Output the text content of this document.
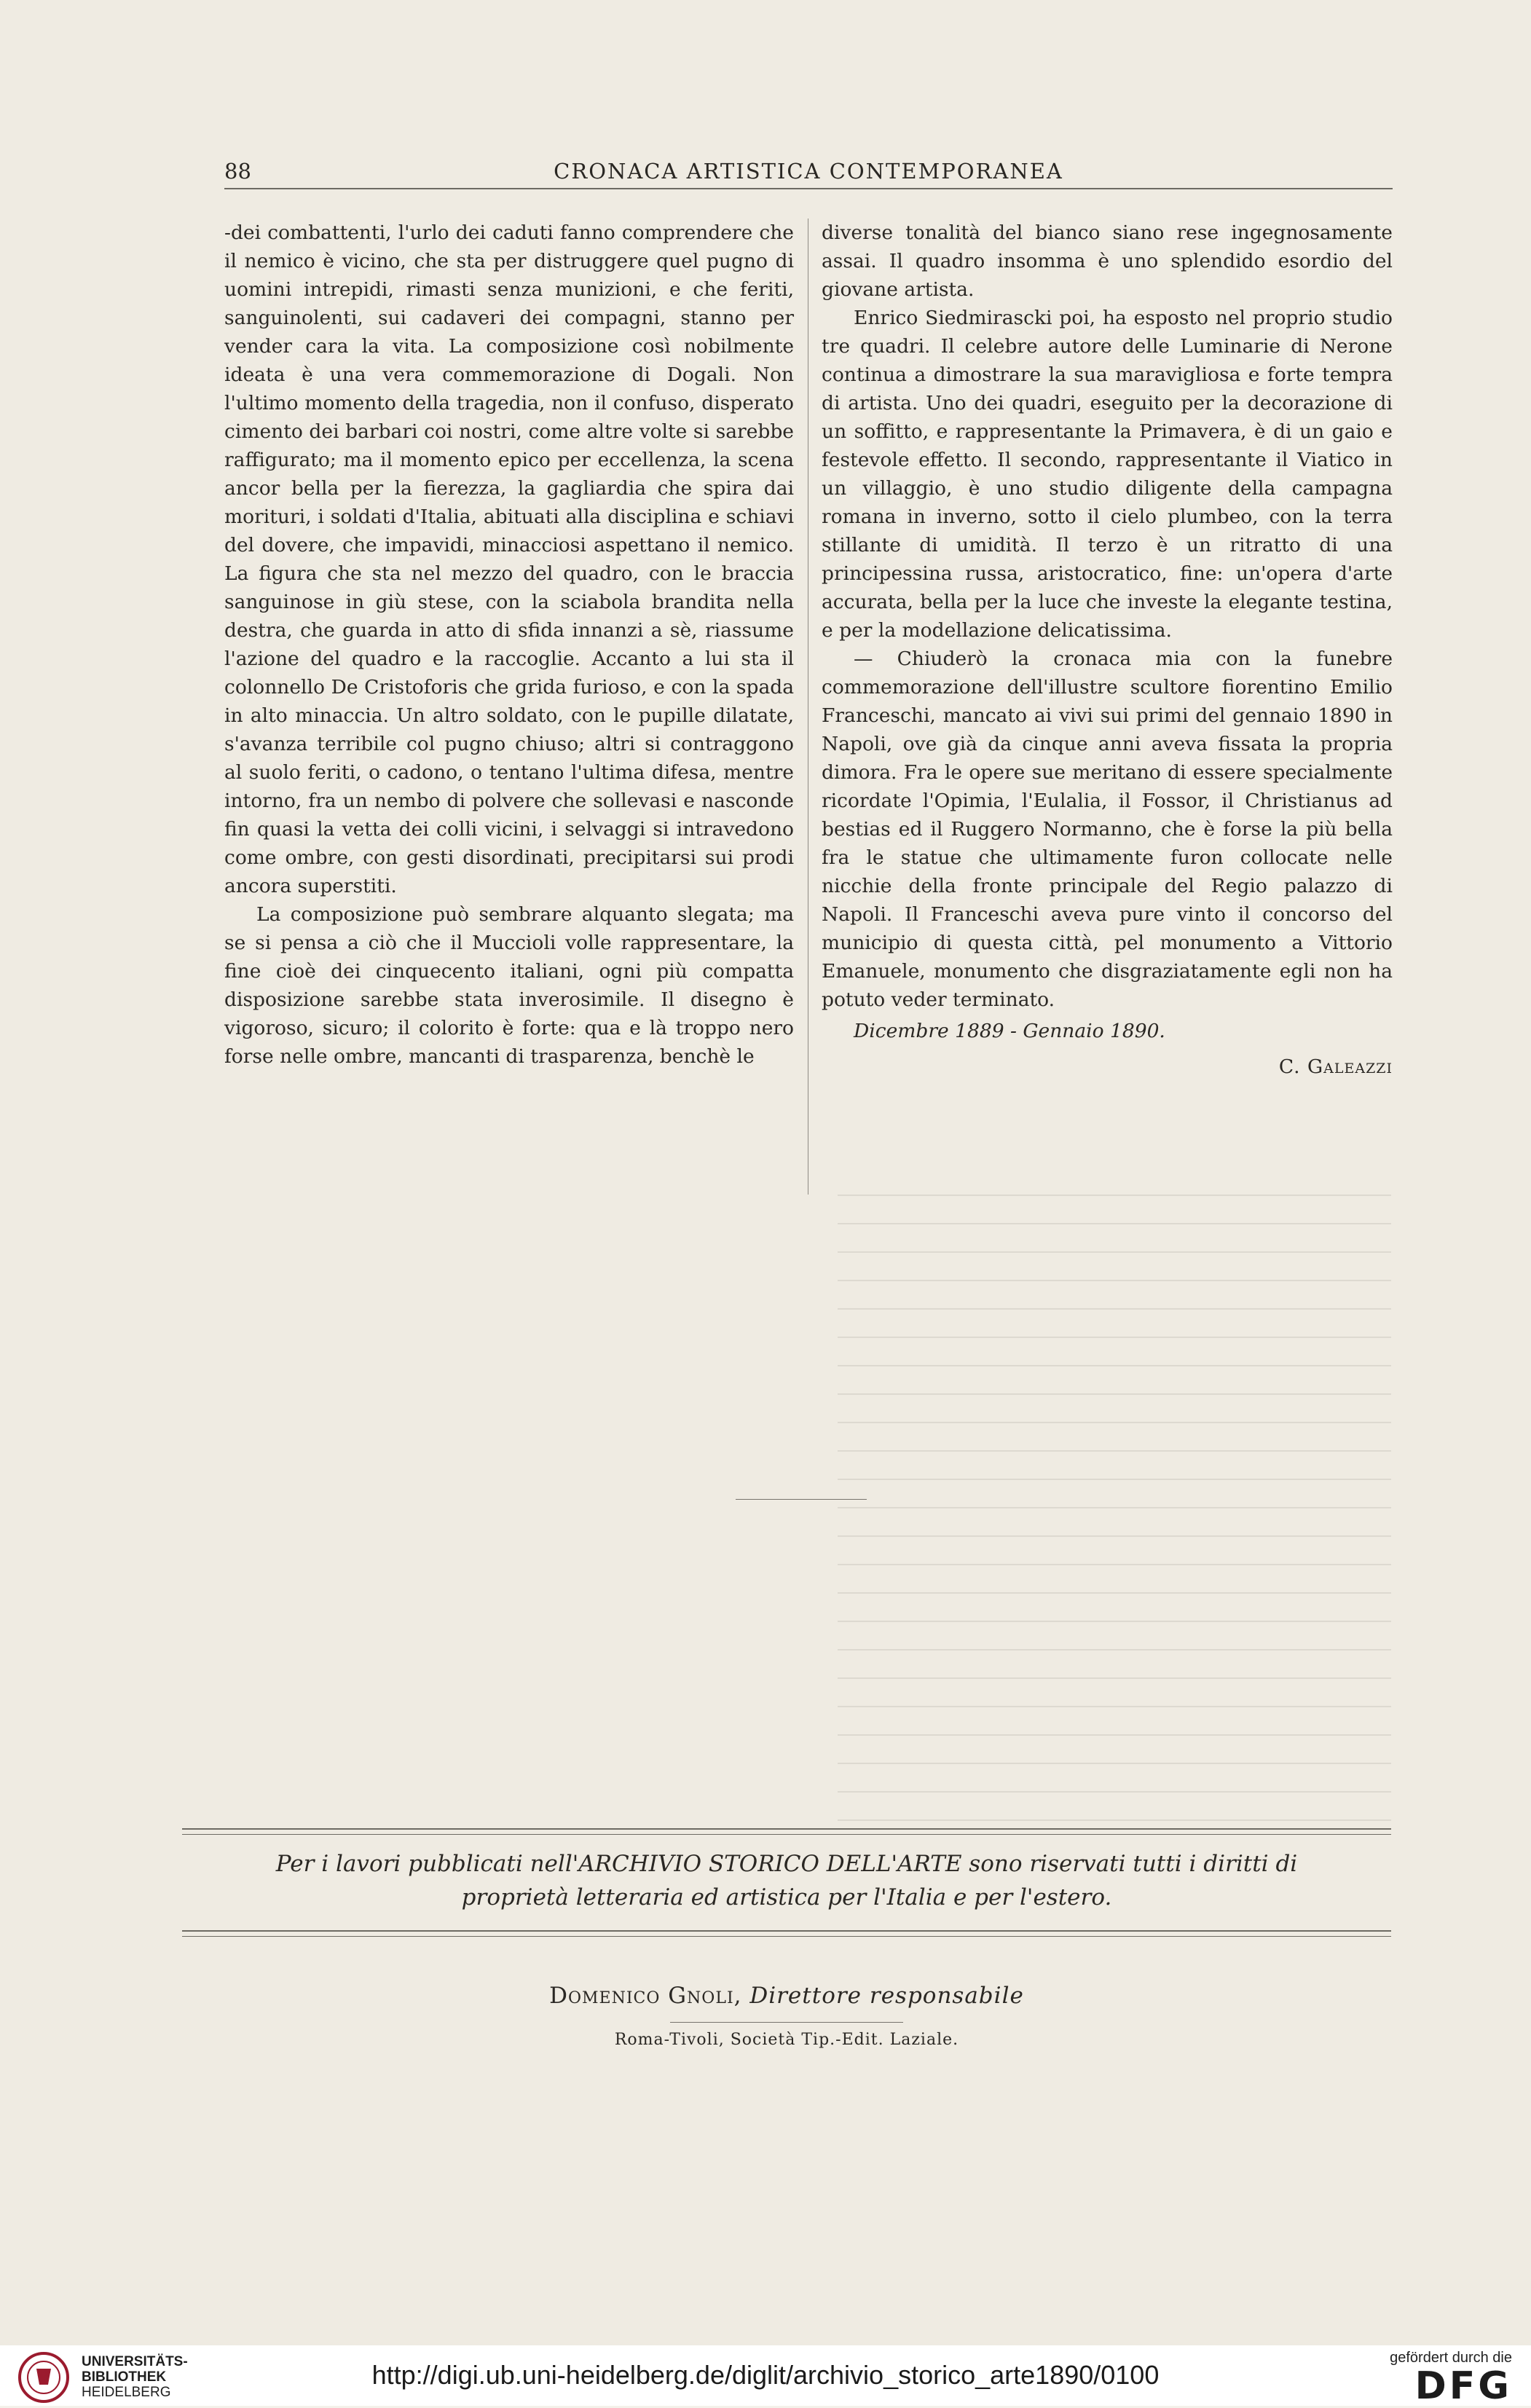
88	CRONACA ARTISTICA CONTEMPORANEA

‑dei combattenti, l'urlo dei caduti fanno comprendere che il nemico è vicino, che sta per distruggere quel pugno di uomini intrepidi, rimasti senza munizioni, e che feriti, sanguinolenti, sui cadaveri dei compagni, stanno per vender cara la vita. La composizione così nobilmente ideata è una vera commemorazione di Dogali. Non l'ultimo momento della tragedia, non il confuso, disperato cimento dei barbari coi nostri, come altre volte si sarebbe raffigurato; ma il momento epico per eccellenza, la scena ancor bella per la fierezza, la gagliardia che spira dai morituri, i soldati d'Italia, abituati alla disciplina e schiavi del dovere, che impavidi, minacciosi aspettano il nemico. La figura che sta nel mezzo del quadro, con le braccia sanguinose in giù stese, con la sciabola brandita nella destra, che guarda in atto di sfida innanzi a sè, riassume l'azione del quadro e la raccoglie. Accanto a lui sta il colonnello De Cristoforis che grida furioso, e con la spada in alto minaccia. Un altro soldato, con le pupille dilatate, s'avanza terribile col pugno chiuso; altri si contraggono al suolo feriti, o cadono, o tentano l'ultima difesa, mentre intorno, fra un nembo di polvere che sollevasi e nasconde fin quasi la vetta dei colli vicini, i selvaggi si intravedono come ombre, con gesti disordinati, precipitarsi sui prodi ancora superstiti.

La composizione può sembrare alquanto slegata; ma se si pensa a ciò che il Muccioli volle rappresentare, la fine cioè dei cinquecento italiani, ogni più compatta disposizione sarebbe stata inverosimile. Il disegno è vigoroso, sicuro; il colorito è forte: qua e là troppo nero forse nelle ombre, mancanti di trasparenza, benchè le

diverse tonalità del bianco siano rese ingegnosamente assai. Il quadro insomma è uno splendido esordio del giovane artista.

Enrico Siedmirascki poi, ha esposto nel proprio studio tre quadri. Il celebre autore delle Luminarie di Nerone continua a dimostrare la sua maravigliosa e forte tempra di artista. Uno dei quadri, eseguito per la decorazione di un soffitto, e rappresentante la Primavera, è di un gaio e festevole effetto. Il secondo, rappresentante il Viatico in un villaggio, è uno studio diligente della campagna romana in inverno, sotto il cielo plumbeo, con la terra stillante di umidità. Il terzo è un ritratto di una principessina russa, aristocratico, fine: un'opera d'arte accurata, bella per la luce che investe la elegante testina, e per la modellazione delicatissima.

— Chiuderò la cronaca mia con la funebre commemorazione dell'illustre scultore fiorentino Emilio Franceschi, mancato ai vivi sui primi del gennaio 1890 in Napoli, ove già da cinque anni aveva fissata la propria dimora. Fra le opere sue meritano di essere specialmente ricordate l'Opimia, l'Eulalia, il Fossor, il Christianus ad bestias ed il Ruggero Normanno, che è forse la più bella fra le statue che ultimamente furon collocate nelle nicchie della fronte principale del Regio palazzo di Napoli. Il Franceschi aveva pure vinto il concorso del municipio di questa città, pel monumento a Vittorio Emanuele, monumento che disgraziatamente egli non ha potuto veder terminato.

Dicembre 1889 - Gennaio 1890.

C. Galeazzi

Per i lavori pubblicati nell'ARCHIVIO STORICO DELL'ARTE sono riservati tutti i diritti di
proprietà letteraria ed artistica per l'Italia e per l'estero.
Domenico Gnoli, Direttore responsabile
Roma-Tivoli, Società Tip.-Edit. Laziale.
UNIVERSITÄTS-
BIBLIOTHEK
HEIDELBERG
http://digi.ub.uni-heidelberg.de/diglit/archivio_storico_arte1890/0100
gefördert durch die
DFG
